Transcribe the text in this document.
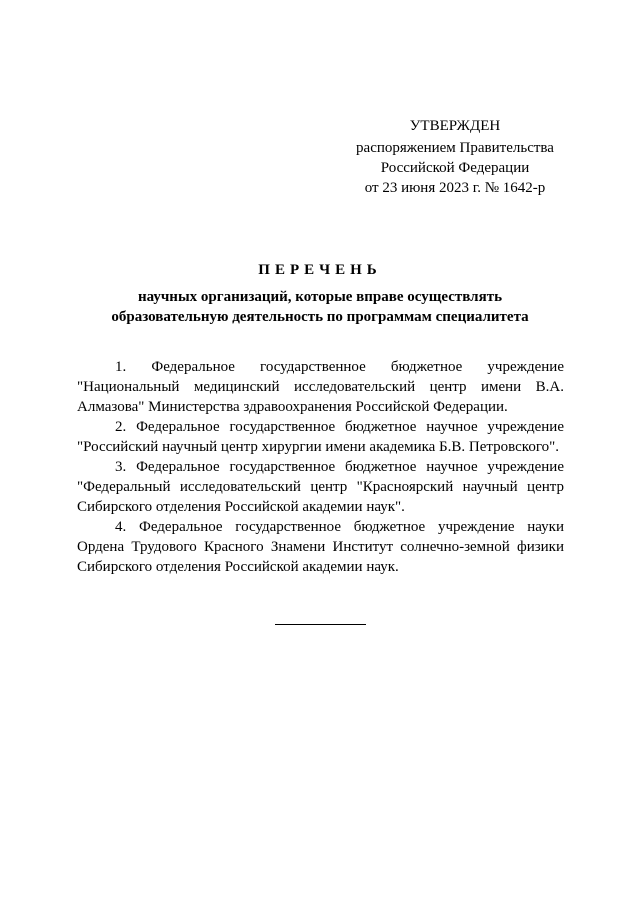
УТВЕРЖДЕН
распоряжением Правительства
Российской Федерации
от 23 июня 2023 г. № 1642-р
ПЕРЕЧЕНЬ
научных организаций, которые вправе осуществлять
образовательную деятельность по программам специалитета

1. Федеральное государственное бюджетное учреждение "Национальный медицинский исследовательский центр имени В.А. Алмазова" Министерства здравоохранения Российской Федерации.

2. Федеральное государственное бюджетное научное учреждение "Российский научный центр хирургии имени академика Б.В. Петровского".

3. Федеральное государственное бюджетное научное учреждение "Федеральный исследовательский центр "Красноярский научный центр Сибирского отделения Российской академии наук".

4. Федеральное государственное бюджетное учреждение науки Ордена Трудового Красного Знамени Институт солнечно-земной физики Сибирского отделения Российской академии наук.
